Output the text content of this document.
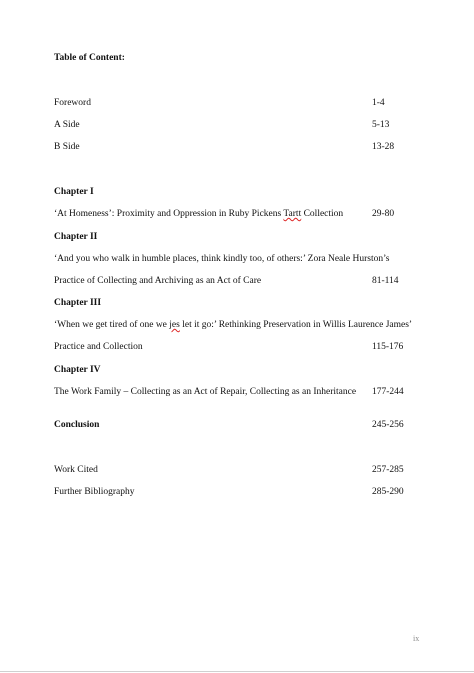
Table of Content:
Foreword	1-4
A Side	5-13
B Side	13-28
Chapter I
‘At Homeness’: Proximity and Oppression in Ruby Pickens Tartt Collection	29-80
Chapter II
‘And you who walk in humble places, think kindly too, of others:’ Zora Neale Hurston’s
Practice of Collecting and Archiving as an Act of Care	81-114
Chapter III
‘When we get tired of one we jes let it go:’ Rethinking Preservation in Willis Laurence James’
Practice and Collection	115-176
Chapter IV
The Work Family – Collecting as an Act of Repair, Collecting as an Inheritance 177-244
Conclusion	245-256
Work Cited	257-285
Further Bibliography	285-290
ix
